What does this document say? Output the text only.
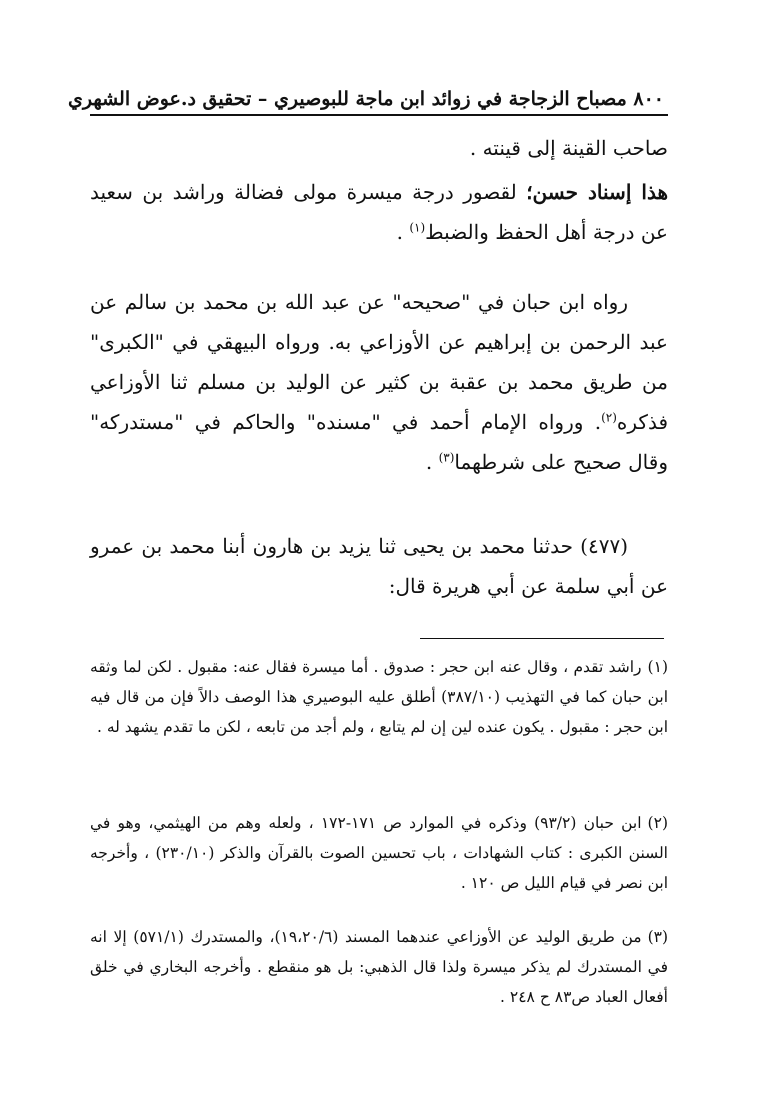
٨٠٠ مصباح الزجاجة في زوائد ابن ماجة للبوصيري – تحقيق د.عوض الشهري

صاحب القينة إلى قينته .

هذا إسناد حسن؛ لقصور درجة ميسرة مولى فضالة وراشد بن سعيد عن درجة أهل الحفظ والضبط$^{(١)}$ .

رواه ابن حبان في "صحيحه" عن عبد الله بن محمد بن سالم عن عبد الرحمن بن إبراهيم عن الأوزاعي به. ورواه البيهقي في "الكبرى" من طريق محمد بن عقبة بن كثير عن الوليد بن مسلم ثنا الأوزاعي فذكره$^{(٢)}$. ورواه الإمام أحمد في "مسنده" والحاكم في "مستدركه" وقال صحيح على شرطهما$^{(٣)}$ .

(٤٧٧) حدثنا محمد بن يحيى ثنا يزيد بن هارون أبنا محمد بن عمرو عن أبي سلمة عن أبي هريرة قال:

(١)راشد تقدم ، وقال عنه ابن حجر : صدوق . أما ميسرة فقال عنه: مقبول . لكن لما وثقه ابن حبان كما في التهذيب (٣٨٧/١٠) أطلق عليه البوصيري هذا الوصف دالاً فإن من قال فيه ابن حجر : مقبول . يكون عنده لين إن لم يتابع ، ولم أجد من تابعه ، لكن ما تقدم يشهد له .

(٢)ابن حبان (٩٣/٢) وذكره في الموارد ص ١٧١-١٧٢ ، ولعله وهم من الهيثمي، وهو في السنن الكبرى : كتاب الشهادات ، باب تحسين الصوت بالقرآن والذكر (٢٣٠/١٠) ، وأخرجه ابن نصر في قيام الليل ص ١٢٠ .

(٣)من طريق الوليد عن الأوزاعي عندهما المسند (١٩،٢٠/٦)، والمستدرك (٥٧١/١) إلا انه في المستدرك لم يذكر ميسرة ولذا قال الذهبي: بل هو منقطع . وأخرجه البخاري في خلق أفعال العباد ص٨٣ ح ٢٤٨ .
